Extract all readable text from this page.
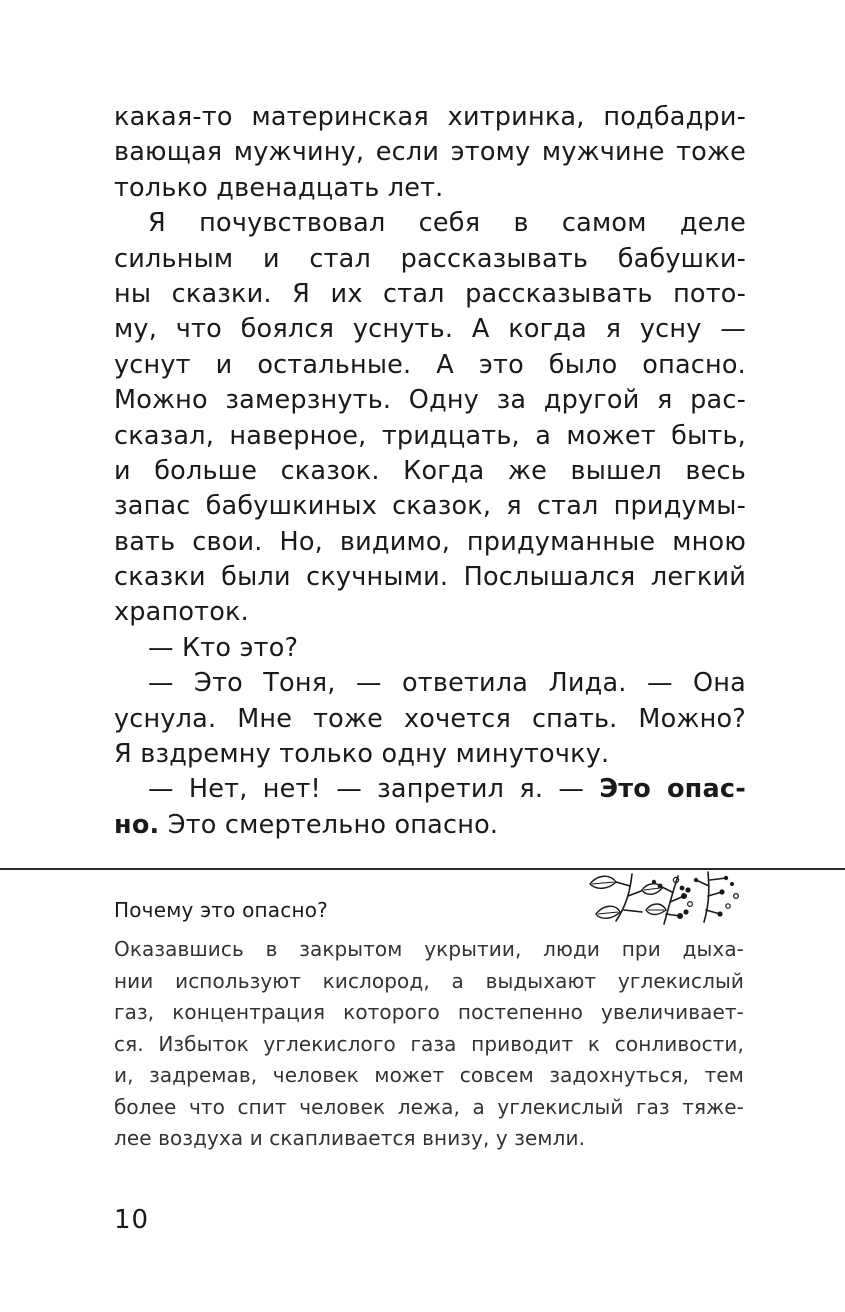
какая-то материнская хитринка, подбадри-
вающая мужчину, если этому мужчине тоже
только двенадцать лет.
Я почувствовал себя в самом деле
сильным и стал рассказывать бабушки-
ны сказки. Я их стал рассказывать пото-
му, что боялся уснуть. А когда я усну —
уснут и остальные. А это было опасно.
Можно замерзнуть. Одну за другой я рас-
сказал, наверное, тридцать, а может быть,
и больше сказок. Когда же вышел весь
запас бабушкиных сказок, я стал придумы-
вать свои. Но, видимо, придуманные мною
сказки были скучными. Послышался легкий
храпоток.
— Кто это?
— Это Тоня, — ответила Лида. — Она
уснула. Мне тоже хочется спать. Можно?
Я вздремну только одну минуточку.
— Нет, нет! — запретил я. — Это опас-
но. Это смертельно опасно.
Почему это опасно?
Оказавшись в закрытом укрытии, люди при дыха-
нии используют кислород, а выдыхают углекислый
газ, концентрация которого постепенно увеличивает-
ся. Избыток углекислого газа приводит к сонливости,
и, задремав, человек может совсем задохнуться, тем
более что спит человек лежа, а углекислый газ тяже-
лее воздуха и скапливается внизу, у земли.
10
